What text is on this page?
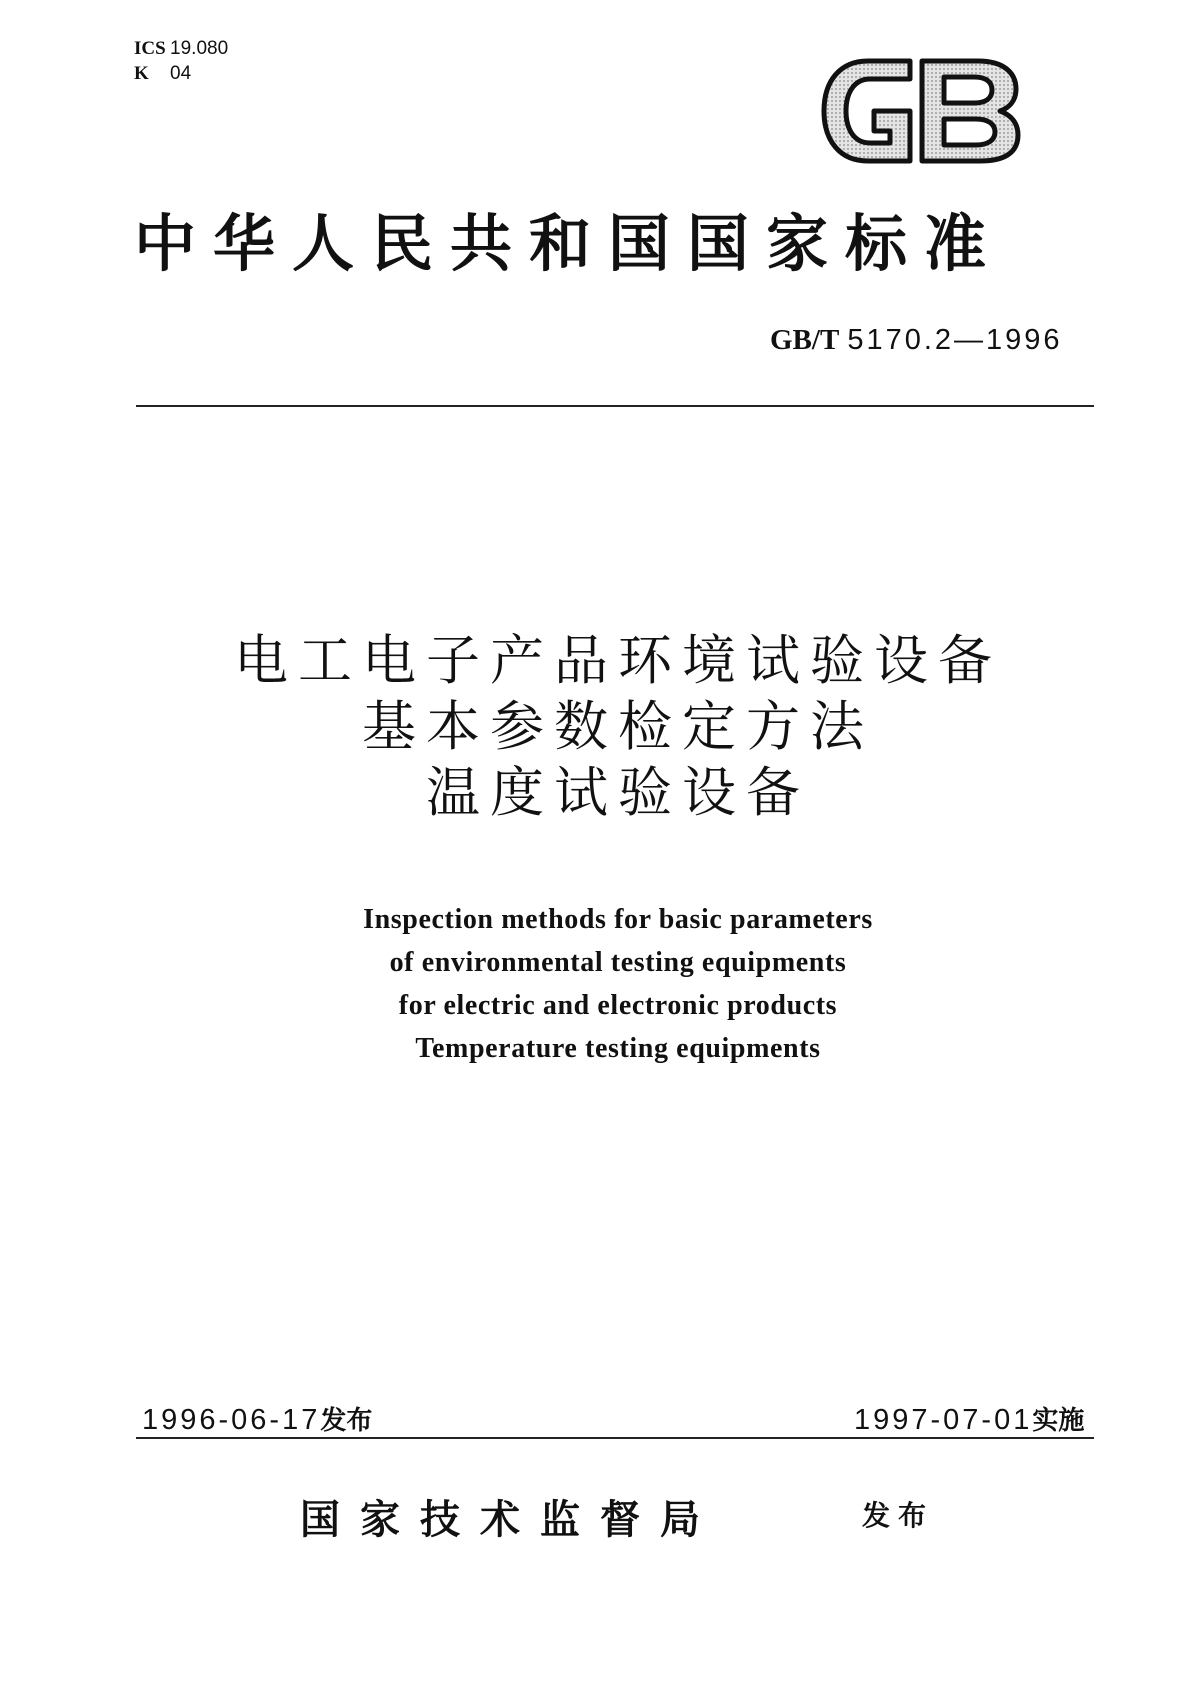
ICS 19.080
K 04
中华人民共和国国家标准
GB/T 5170.2—1996
电工电子产品环境试验设备
基本参数检定方法
温度试验设备
Inspection methods for basic parameters
of environmental testing equipments
for electric and electronic products
Temperature testing equipments
1996-06-17发布	1997-07-01实施
国家技术监督局	发布
